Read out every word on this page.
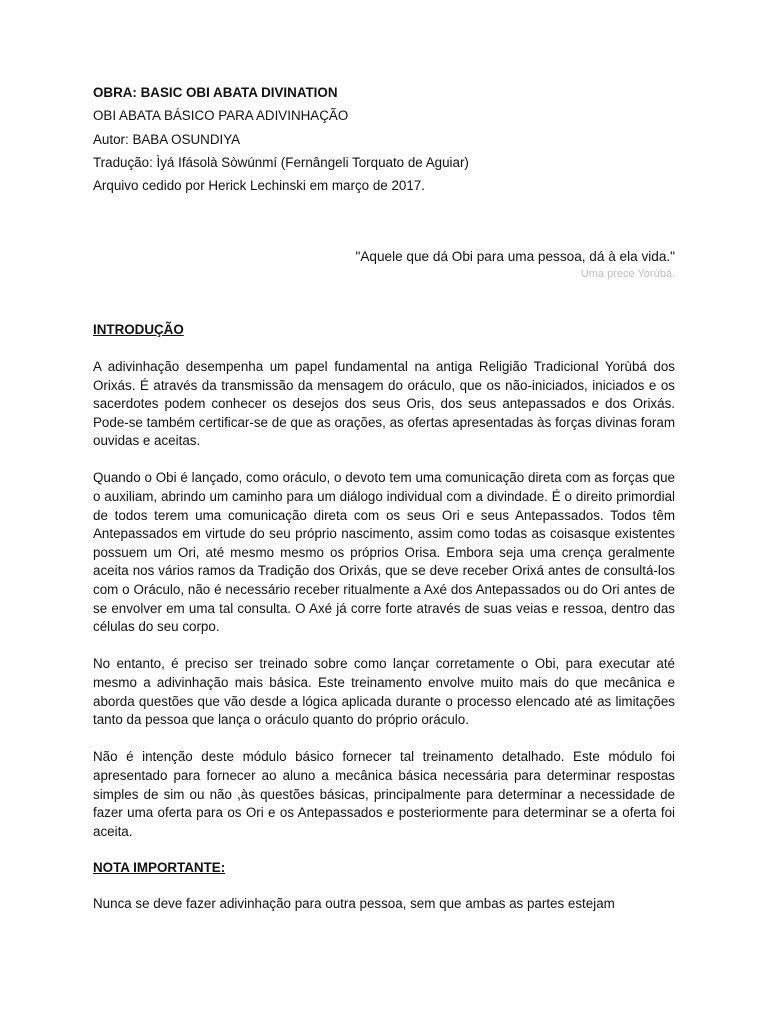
OBRA: BASIC OBI ABATA DIVINATION
OBI ABATA BÁSICO PARA ADIVINHAÇÃO
Autor: BABA OSUNDIYA
Tradução: Ìyá Ifásolà Sòwúnmí (Fernângeli Torquato de Aguiar)
Arquivo cedido por Herick Lechinski em março de 2017.
"Aquele que dá Obi para uma pessoa, dá à ela vida."
Uma prece Yorùbá.
INTRODUÇÃO

A adivinhação desempenha um papel fundamental na antiga Religião Tradicional Yorùbá dos Orixás. É através da transmissão da mensagem do oráculo, que os não-iniciados, iniciados e os sacerdotes podem conhecer os desejos dos seus Oris, dos seus antepassados e dos Orixás. Pode-se também certificar-se de que as orações, as ofertas apresentadas às forças divinas foram ouvidas e aceitas.

Quando o Obi é lançado, como oráculo, o devoto tem uma comunicação direta com as forças que o auxiliam, abrindo um caminho para um diálogo individual com a divindade. É o direito primordial de todos terem uma comunicação direta com os seus Ori e seus Antepassados. Todos têm Antepassados em virtude do seu próprio nascimento, assim como todas as coisasque existentes possuem um Ori, até mesmo mesmo os próprios Orisa. Embora seja uma crença geralmente aceita nos vários ramos da Tradição dos Orixás, que se deve receber Orixá antes de consultá-los com o Oráculo, não é necessário receber ritualmente a Axé dos Antepassados ou do Ori antes de se envolver em uma tal consulta. O Axé já corre forte através de suas veias e ressoa, dentro das células do seu corpo.

No entanto, é preciso ser treinado sobre como lançar corretamente o Obi, para executar até mesmo a adivinhação mais básica. Este treinamento envolve muito mais do que mecânica e aborda questões que vão desde a lógica aplicada durante o processo elencado até as limitações tanto da pessoa que lança o oráculo quanto do próprio oráculo.

Não é intenção deste módulo básico fornecer tal treinamento detalhado. Este módulo foi apresentado para fornecer ao aluno a mecânica básica necessária para determinar respostas simples de sim ou não ,às questões básicas, principalmente para determinar a necessidade de fazer uma oferta para os Ori e os Antepassados e posteriormente para determinar se a oferta foi aceita.

NOTA IMPORTANTE:
Nunca se deve fazer adivinhação para outra pessoa, sem que ambas as partes estejam
